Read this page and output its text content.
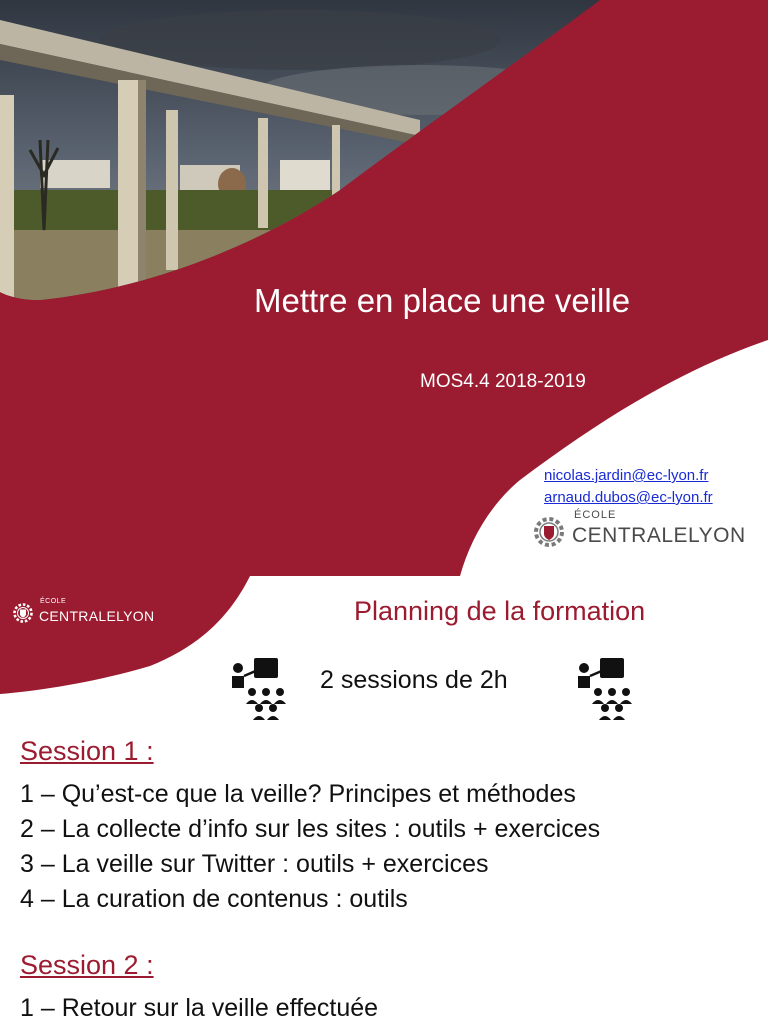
Mettre en place une veille
MOS4.4 2018-2019
nicolas.jardin@ec-lyon.fr
arnaud.dubos@ec-lyon.fr
ÉCOLE
CENTRALELYON
ÉCOLE
CENTRALELYON	Planning de la formation
2 sessions de 2h
Session 1 :
1 – Qu’est-ce que la veille? Principes et méthodes
2 – La collecte d’info sur les sites : outils + exercices
3 – La veille sur Twitter : outils + exercices
4 – La curation de contenus : outils
Session 2 :
1 – Retour sur la veille effectuée
